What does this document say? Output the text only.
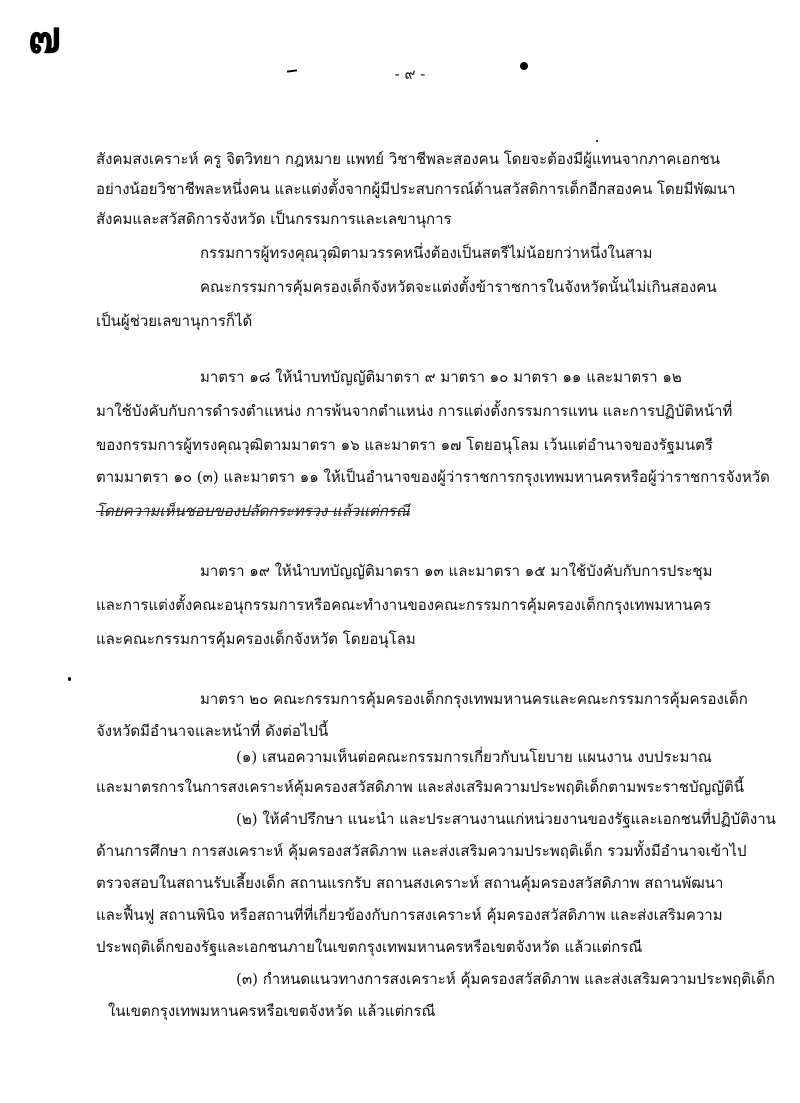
๗
- ๙ -
สังคมสงเคราะห์ ครู จิตวิทยา กฎหมาย แพทย์ วิชาชีพละสองคน โดยจะต้องมีผู้แทนจากภาคเอกชน
อย่างน้อยวิชาชีพละหนึ่งคน และแต่งตั้งจากผู้มีประสบการณ์ด้านสวัสดิการเด็กอีกสองคน โดยมีพัฒนา
สังคมและสวัสดิการจังหวัด เป็นกรรมการและเลขานุการ
กรรมการผู้ทรงคุณวุฒิตามวรรคหนึ่งต้องเป็นสตรีไม่น้อยกว่าหนึ่งในสาม
คณะกรรมการคุ้มครองเด็กจังหวัดจะแต่งตั้งข้าราชการในจังหวัดนั้นไม่เกินสองคน
เป็นผู้ช่วยเลขานุการก็ได้
มาตรา ๑๘ ให้นำบทบัญญัติมาตรา ๙ มาตรา ๑๐ มาตรา ๑๑ และมาตรา ๑๒
มาใช้บังคับกับการดำรงตำแหน่ง การพ้นจากตำแหน่ง การแต่งตั้งกรรมการแทน และการปฏิบัติหน้าที่
ของกรรมการผู้ทรงคุณวุฒิตามมาตรา ๑๖ และมาตรา ๑๗ โดยอนุโลม เว้นแต่อำนาจของรัฐมนตรี
ตามมาตรา ๑๐ (๓) และมาตรา ๑๑ ให้เป็นอำนาจของผู้ว่าราชการกรุงเทพมหานครหรือผู้ว่าราชการจังหวัด
โดยความเห็นชอบของปลัดกระทรวง แล้วแต่กรณี
มาตรา ๑๙ ให้นำบทบัญญัติมาตรา ๑๓ และมาตรา ๑๕ มาใช้บังคับกับการประชุม
และการแต่งตั้งคณะอนุกรรมการหรือคณะทำงานของคณะกรรมการคุ้มครองเด็กกรุงเทพมหานคร
และคณะกรรมการคุ้มครองเด็กจังหวัด โดยอนุโลม
มาตรา ๒๐ คณะกรรมการคุ้มครองเด็กกรุงเทพมหานครและคณะกรรมการคุ้มครองเด็ก
จังหวัดมีอำนาจและหน้าที่ ดังต่อไปนี้
(๑) เสนอความเห็นต่อคณะกรรมการเกี่ยวกับนโยบาย แผนงาน งบประมาณ
และมาตรการในการสงเคราะห์คุ้มครองสวัสดิภาพ และส่งเสริมความประพฤติเด็กตามพระราชบัญญัตินี้
(๒) ให้คำปรึกษา แนะนำ และประสานงานแก่หน่วยงานของรัฐและเอกชนที่ปฏิบัติงาน
ด้านการศึกษา การสงเคราะห์ คุ้มครองสวัสดิภาพ และส่งเสริมความประพฤติเด็ก รวมทั้งมีอำนาจเข้าไป
ตรวจสอบในสถานรับเลี้ยงเด็ก สถานแรกรับ สถานสงเคราะห์ สถานคุ้มครองสวัสดิภาพ สถานพัฒนา
และฟื้นฟู สถานพินิจ หรือสถานที่ที่เกี่ยวข้องกับการสงเคราะห์ คุ้มครองสวัสดิภาพ และส่งเสริมความ
ประพฤติเด็กของรัฐและเอกชนภายในเขตกรุงเทพมหานครหรือเขตจังหวัด แล้วแต่กรณี
(๓) กำหนดแนวทางการสงเคราะห์ คุ้มครองสวัสดิภาพ และส่งเสริมความประพฤติเด็ก
ในเขตกรุงเทพมหานครหรือเขตจังหวัด แล้วแต่กรณี
